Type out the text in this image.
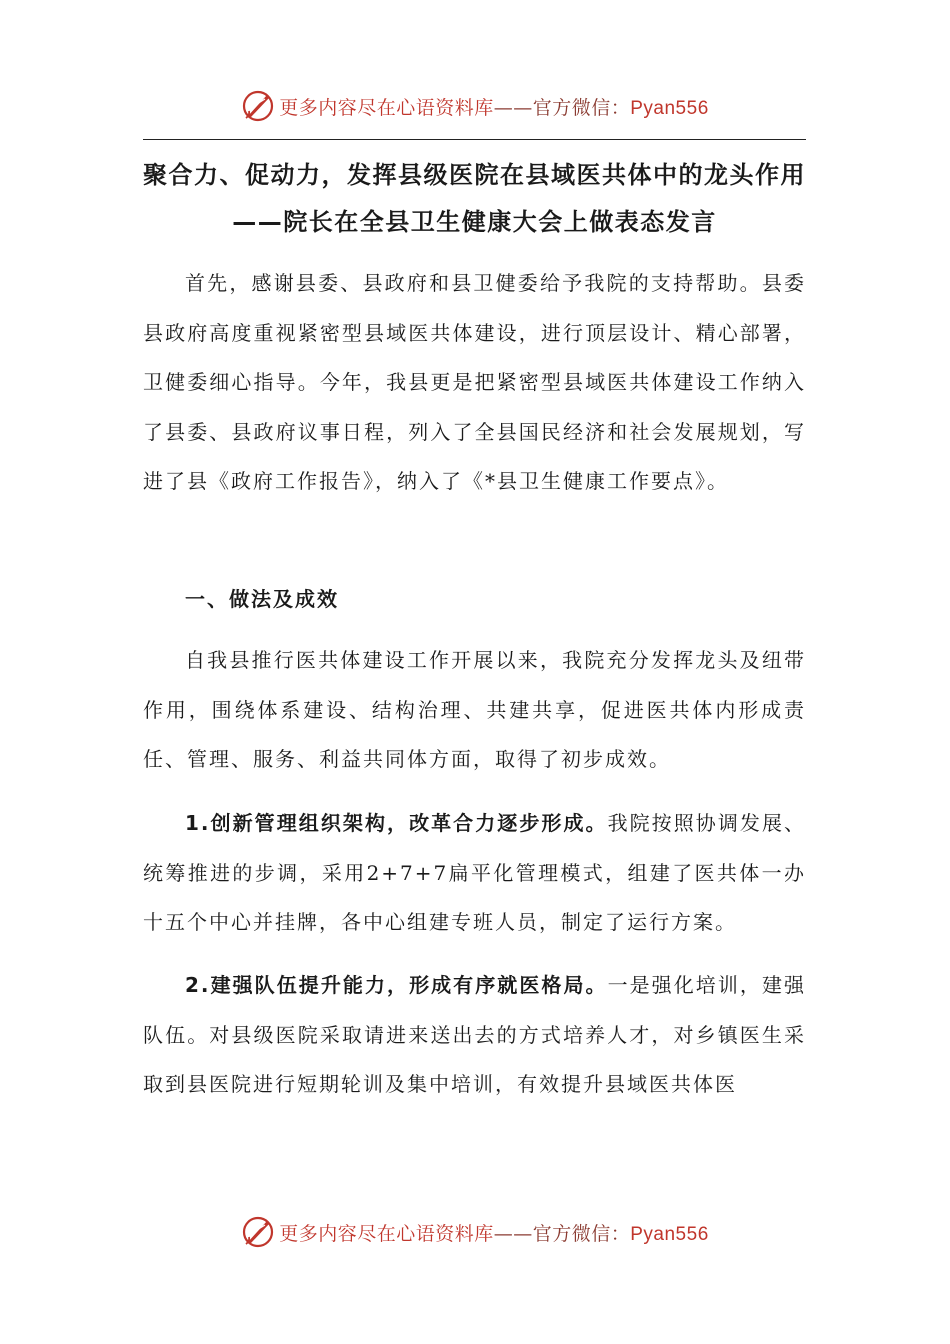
更多内容尽在心语资料库——官方微信：Pyan556
聚合力、促动力，发挥县级医院在县域医共体中的龙头作用——院长在全县卫生健康大会上做表态发言

首先，感谢县委、县政府和县卫健委给予我院的支持帮助。县委县政府高度重视紧密型县域医共体建设，进行顶层设计、精心部署，卫健委细心指导。今年，我县更是把紧密型县域医共体建设工作纳入了县委、县政府议事日程，列入了全县国民经济和社会发展规划，写进了县《政府工作报告》，纳入了《*县卫生健康工作要点》。

一、做法及成效

自我县推行医共体建设工作开展以来，我院充分发挥龙头及纽带作用，围绕体系建设、结构治理、共建共享，促进医共体内形成责任、管理、服务、利益共同体方面，取得了初步成效。

1.创新管理组织架构，改革合力逐步形成。我院按照协调发展、统筹推进的步调，采用2+7+7扁平化管理模式，组建了医共体一办十五个中心并挂牌，各中心组建专班人员，制定了运行方案。

2.建强队伍提升能力，形成有序就医格局。一是强化培训，建强队伍。对县级医院采取请进来送出去的方式培养人才，对乡镇医生采取到县医院进行短期轮训及集中培训，有效提升县域医共体医

更多内容尽在心语资料库——官方微信：Pyan556
